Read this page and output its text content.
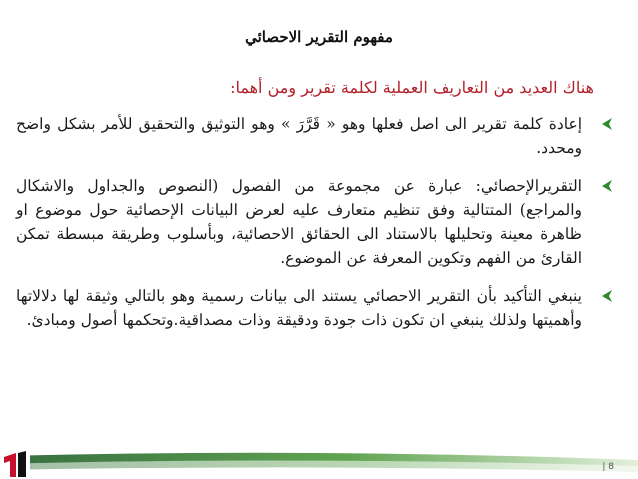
مفهوم التقرير الاحصائي
هناك العديد من التعاريف العملية لكلمة تقرير ومن أهما:
إعادة كلمة تقرير الى اصل فعلها وهو « قَرَّرَ » وهو التوثيق والتحقيق للأمر بشكل واضح ومحدد.
التقريرالإحصائي: عبارة عن مجموعة من الفصول (النصوص والجداول والاشكال والمراجع) المتتالية وفق تنظيم متعارف عليه لعرض البيانات الإحصائية حول موضوع او ظاهرة معينة وتحليلها بالاستناد الى الحقائق الاحصائية، وبأسلوب وطريقة مبسطة تمكن القارئ من الفهم وتكوين المعرفة عن الموضوع.
ينبغي التأكيد بأن التقرير الاحصائي يستند الى بيانات رسمية وهو بالتالي وثيقة لها دلالاتها وأهميتها ولذلك ينبغي ان تكون ذات جودة ودقيقة وذات مصداقية.وتحكمها أصول ومبادئ.
| 8
